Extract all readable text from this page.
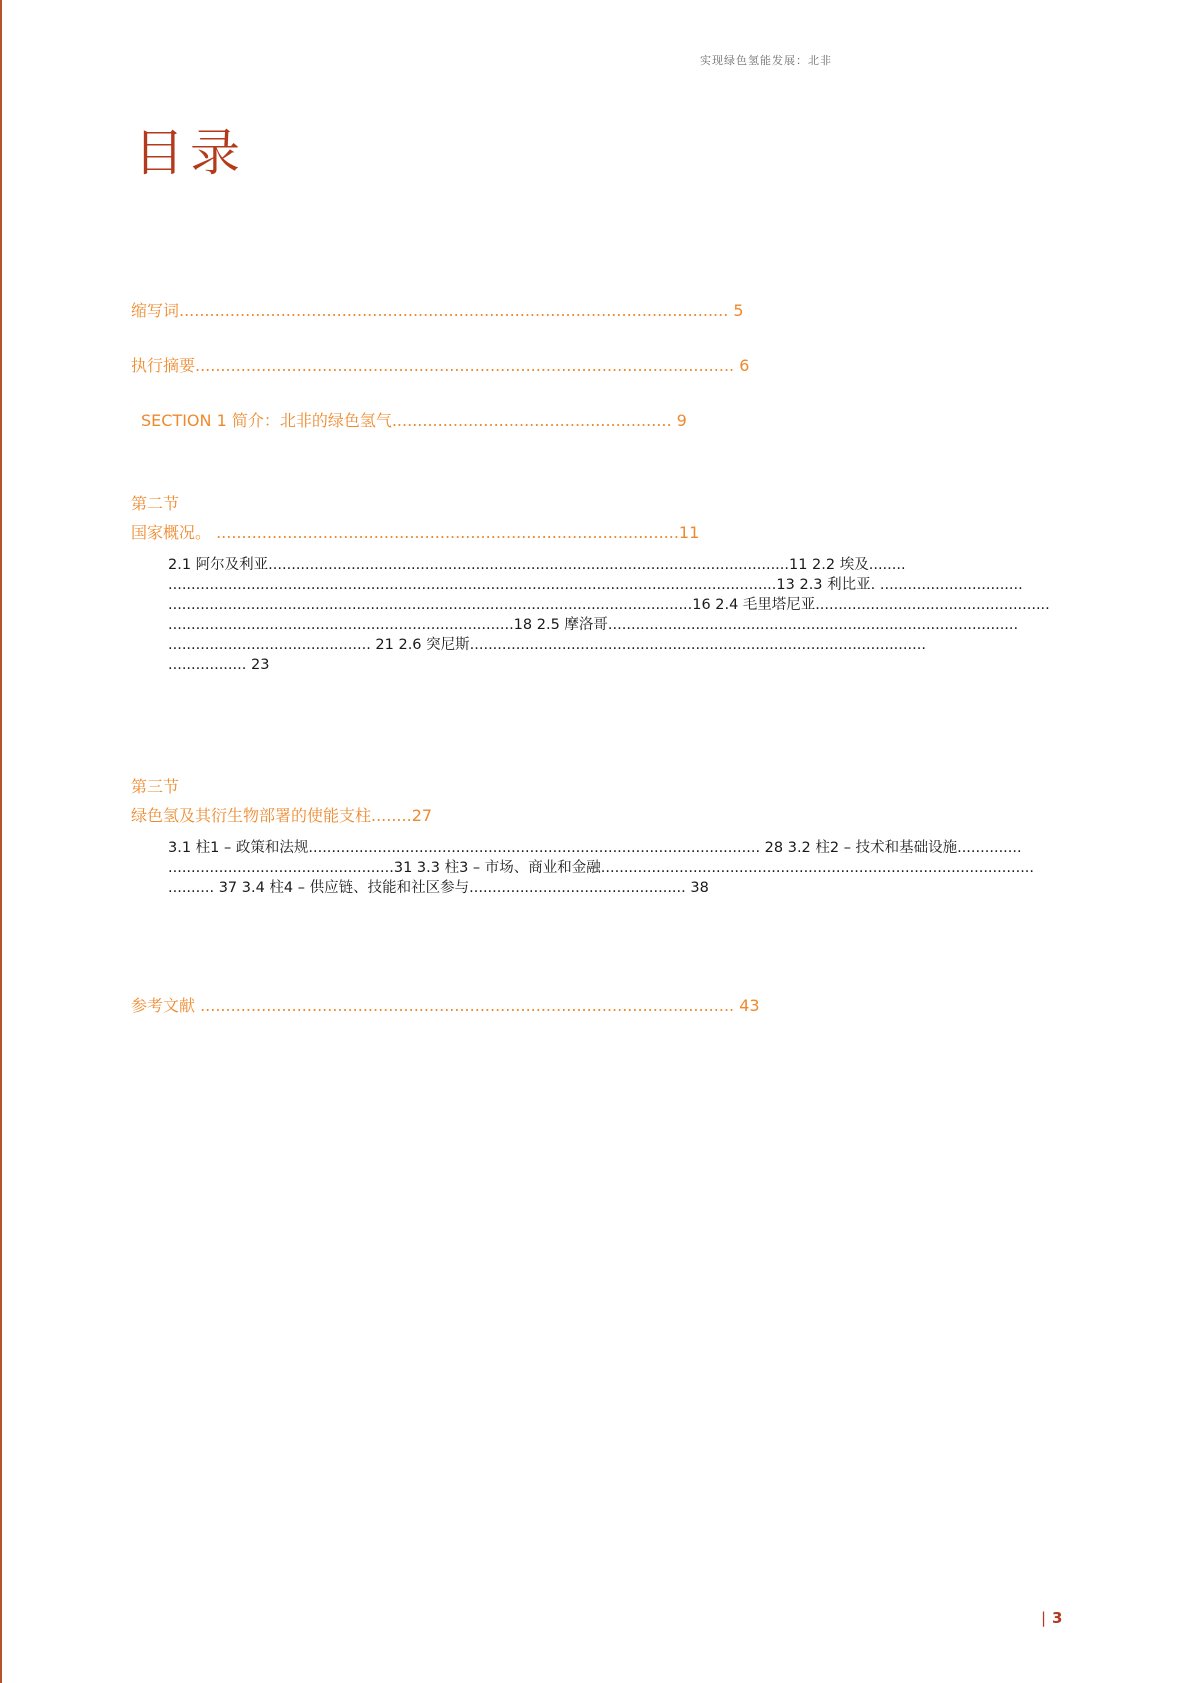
实现绿色氢能发展：北非
目录
缩写词............................................................................................................ 5
执行摘要.......................................................................................................... 6
SECTION 1 简介：北非的绿色氢气....................................................... 9
第二节
国家概况。 ...........................................................................................11
2.1 阿尔及利亚.................................................................................................................11 2.2 埃及........
....................................................................................................................................13 2.3 利比亚. ...............................
..................................................................................................................16 2.4 毛里塔尼亚...................................................
...........................................................................18 2.5 摩洛哥.........................................................................................
............................................ 21 2.6 突尼斯...................................................................................................
................. 23
第三节
绿色氢及其衍生物部署的使能支柱........27
3.1 柱1 – 政策和法规.................................................................................................. 28 3.2 柱2 – 技术和基础设施..............
.................................................31 3.3 柱3 – 市场、商业和金融..............................................................................................
.......... 37 3.4 柱4 – 供应链、技能和社区参与............................................... 38
参考文献 ......................................................................................................... 43
| 3
